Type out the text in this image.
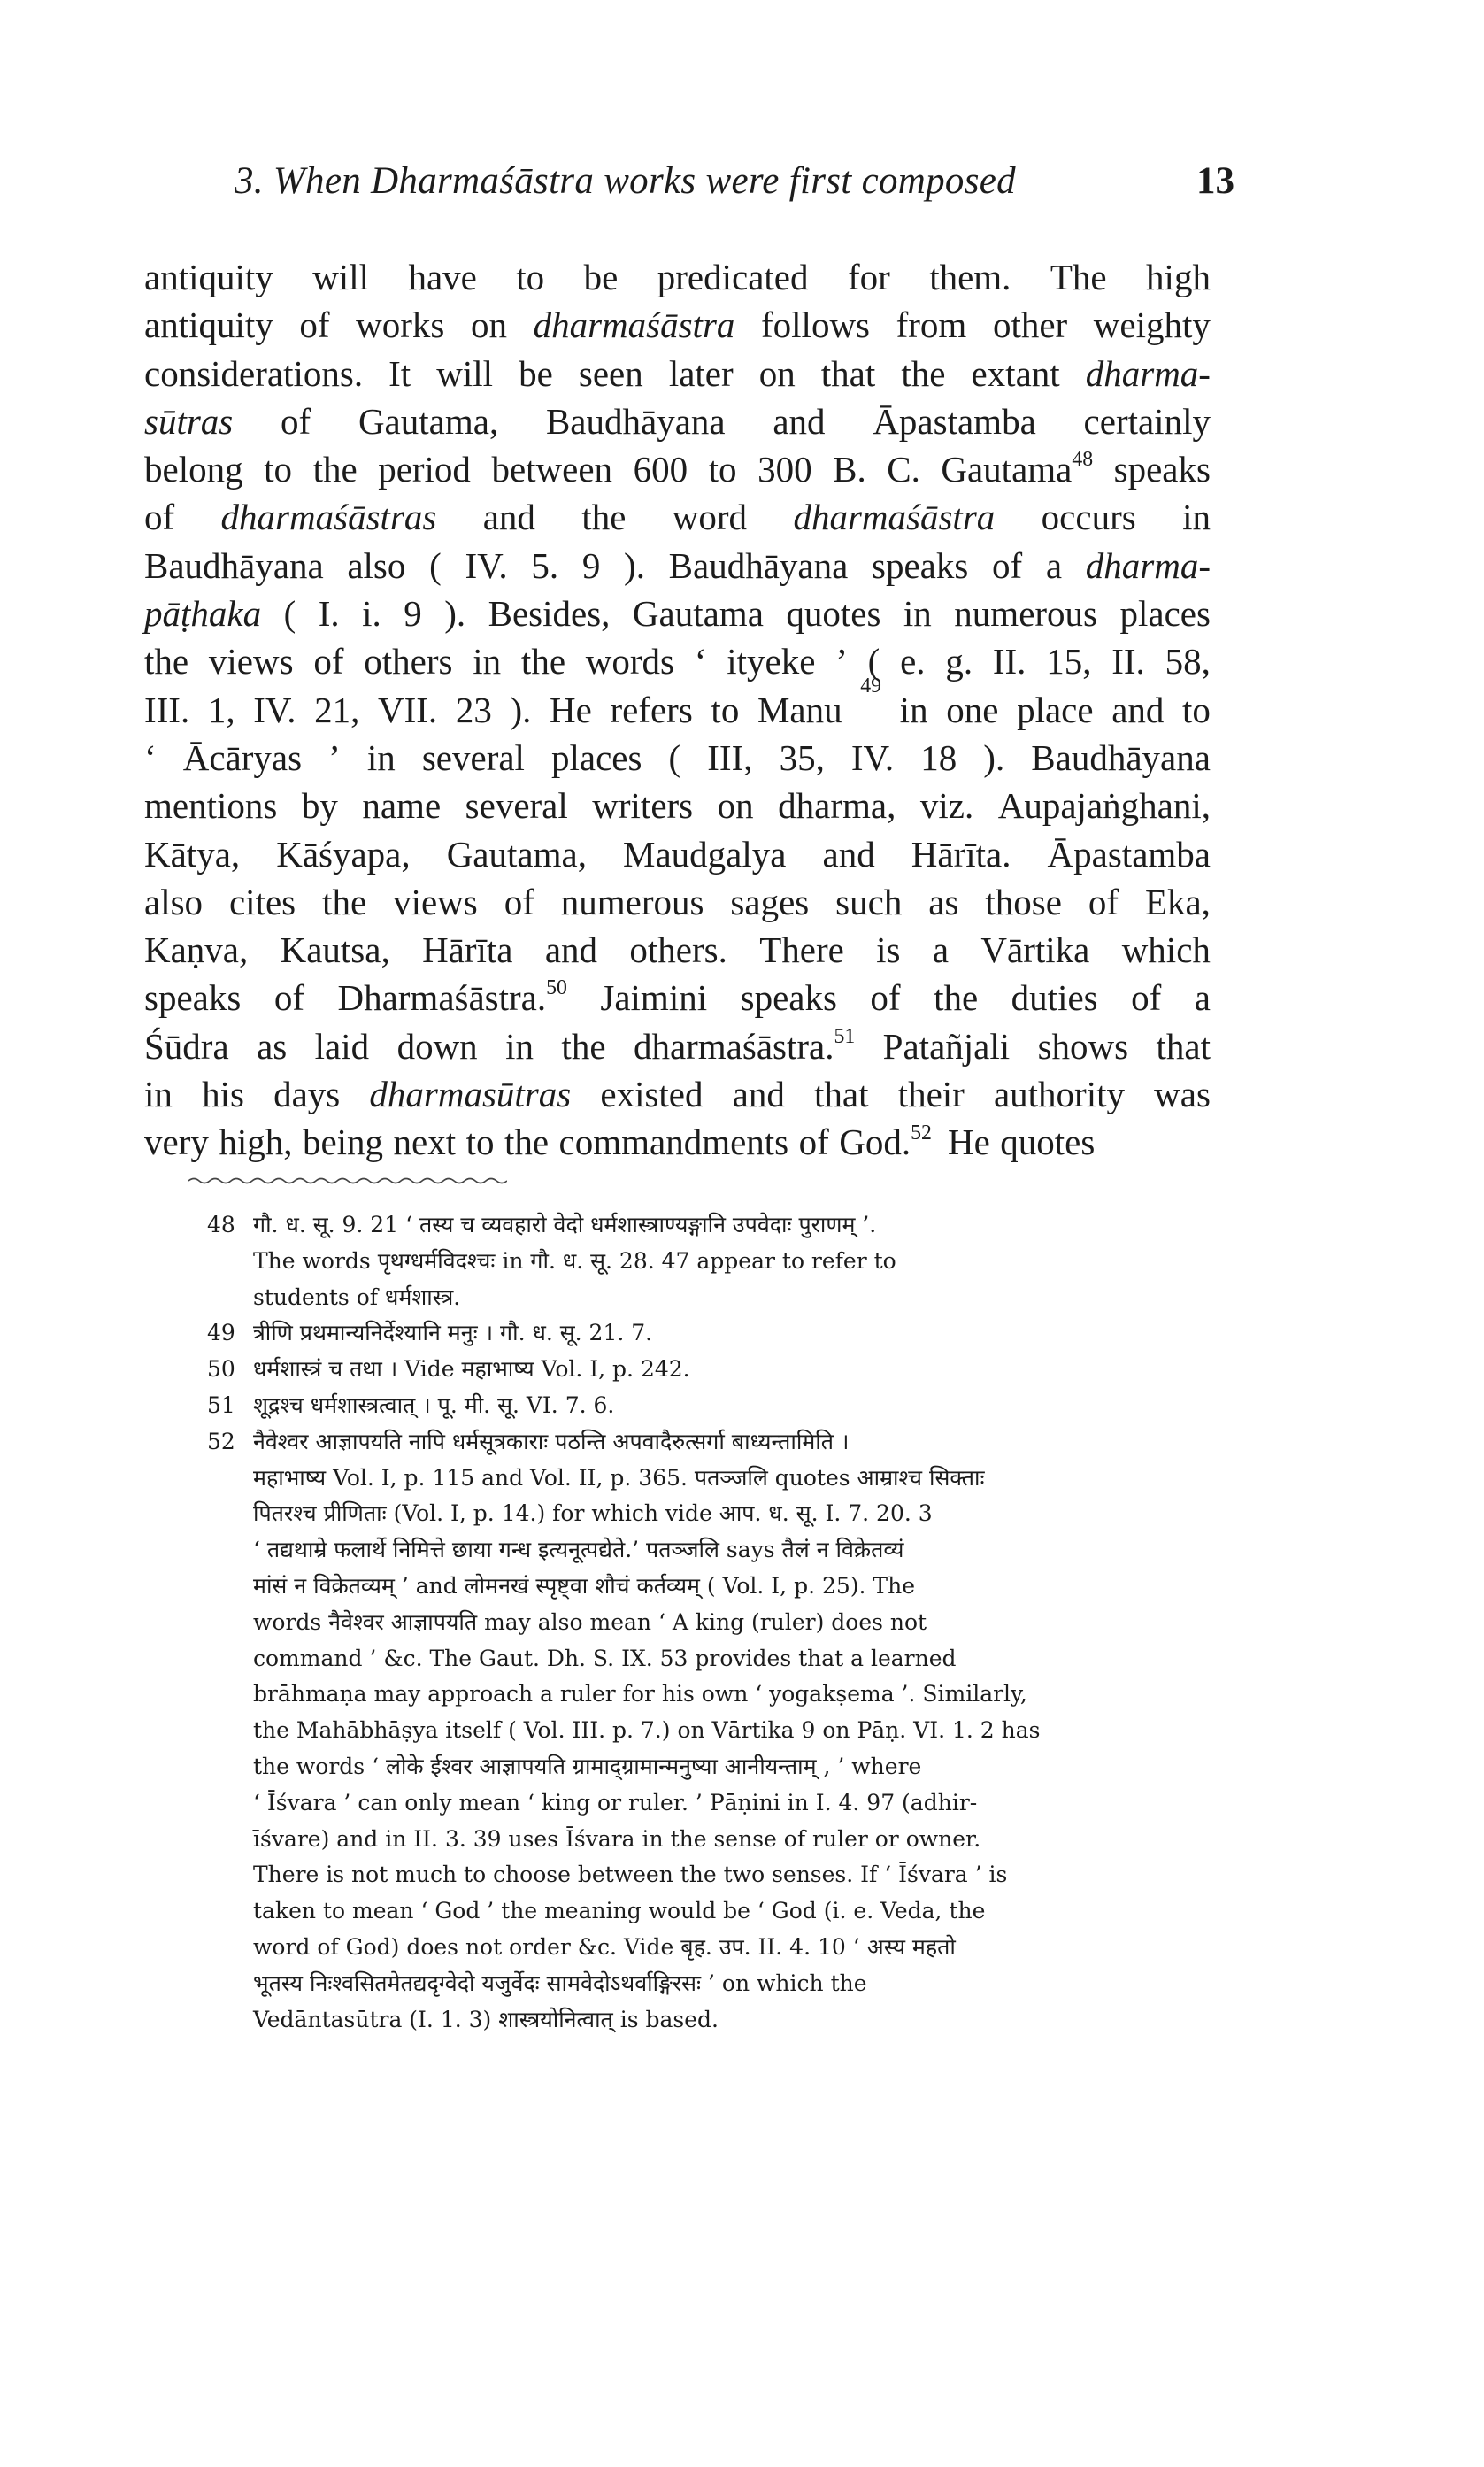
3. When Dharmaśāstra works were first composed	13
antiquity will have to be predicated for them. The high
antiquity of works on dharmaśāstra follows from other weighty
considerations. It will be seen later on that the extant dharma-
sūtras of Gautama, Baudhāyana and Āpastamba certainly
belong to the period between 600 to 300 B. C. Gautama$^{48}$ speaks
of dharmaśāstras and the word dharmaśāstra occurs in
Baudhāyana also ( IV. 5. 9 ). Baudhāyana speaks of a dharma-
pāṭhaka ( I. i. 9 ). Besides, Gautama quotes in numerous places
the views of others in the words ‘ ityeke ’ ( e. g. II. 15, II. 58,
III. 1, IV. 21, VII. 23 ). He refers to Manu
49
in one place and to
‘ Ācāryas ’ in several places ( III, 35, IV. 18 ). Baudhāyana
mentions by name several writers on dharma, viz. Aupajaṅghani,
Kātya, Kāśyapa, Gautama, Maudgalya and Hārīta. Āpastamba
also cites the views of numerous sages such as those of Eka,
Kaṇva, Kautsa, Hārīta and others. There is a Vārtika which
speaks of Dharmaśāstra.$^{50}$ Jaimini speaks of the duties of a
Śūdra as laid down in the dharmaśāstra.$^{51}$ Patañjali shows that
in his days dharmasūtras existed and that their authority was
very high, being next to the commandments of God.$^{52}$ He quotes
48 गौ. ध. सू. 9. 21 ‘ तस्य च व्यवहारो वेदो धर्मशास्त्राण्यङ्गानि उपवेदाः पुराणम् ’.
The words पृथग्धर्मविदश्चः in गौ. ध. सू. 28. 47 appear to refer to
students of धर्मशास्त्र.
49 त्रीणि प्रथमान्यनिर्देश्यानि मनुः । गौ. ध. सू. 21. 7.
50 धर्मशास्त्रं च तथा । Vide महाभाष्य Vol. I, p. 242.
51 शूद्रश्च धर्मशास्त्रत्वात् । पू. मी. सू. VI. 7. 6.
52 नैवेश्वर आज्ञापयति नापि धर्मसूत्रकाराः पठन्ति अपवादैरुत्सर्गा बाध्यन्तामिति ।
महाभाष्य Vol. I, p. 115 and Vol. II, p. 365. पतञ्जलि quotes आम्राश्च सिक्ताः
पितरश्च प्रीणिताः (Vol. I, p. 14.) for which vide आप. ध. सू. I. 7. 20. 3
‘ तद्यथाम्रे फलार्थे निमित्ते छाया गन्ध इत्यनूत्पद्येते.’ पतञ्जलि says तैलं न विक्रेतव्यं
मांसं न विक्रेतव्यम् ’ and लोमनखं स्पृष्ट्वा शौचं कर्तव्यम् ( Vol. I, p. 25). The
words नैवेश्वर आज्ञापयति may also mean ‘ A king (ruler) does not
command ’ &c. The Gaut. Dh. S. IX. 53 provides that a learned
brāhmaṇa may approach a ruler for his own ‘ yogakṣema ’. Similarly,
the Mahābhāṣya itself ( Vol. III. p. 7.) on Vārtika 9 on Pāṇ. VI. 1. 2 has
the words ‘ लोके ईश्वर आज्ञापयति ग्रामाद्ग्रामान्मनुष्या आनीयन्ताम् , ’ where
‘ Īśvara ’ can only mean ‘ king or ruler. ’ Pāṇini in I. 4. 97 (adhir-
īśvare) and in II. 3. 39 uses Īśvara in the sense of ruler or owner.
There is not much to choose between the two senses. If ‘ Īśvara ’ is
taken to mean ‘ God ’ the meaning would be ‘ God (i. e. Veda, the
word of God) does not order &c. Vide बृह. उप. II. 4. 10 ‘ अस्य महतो
भूतस्य निःश्वसितमेतद्यदृग्वेदो यजुर्वेदः सामवेदोऽथर्वाङ्गिरसः ’ on which the
Vedāntasūtra (I. 1. 3) शास्त्रयोनित्वात् is based.
